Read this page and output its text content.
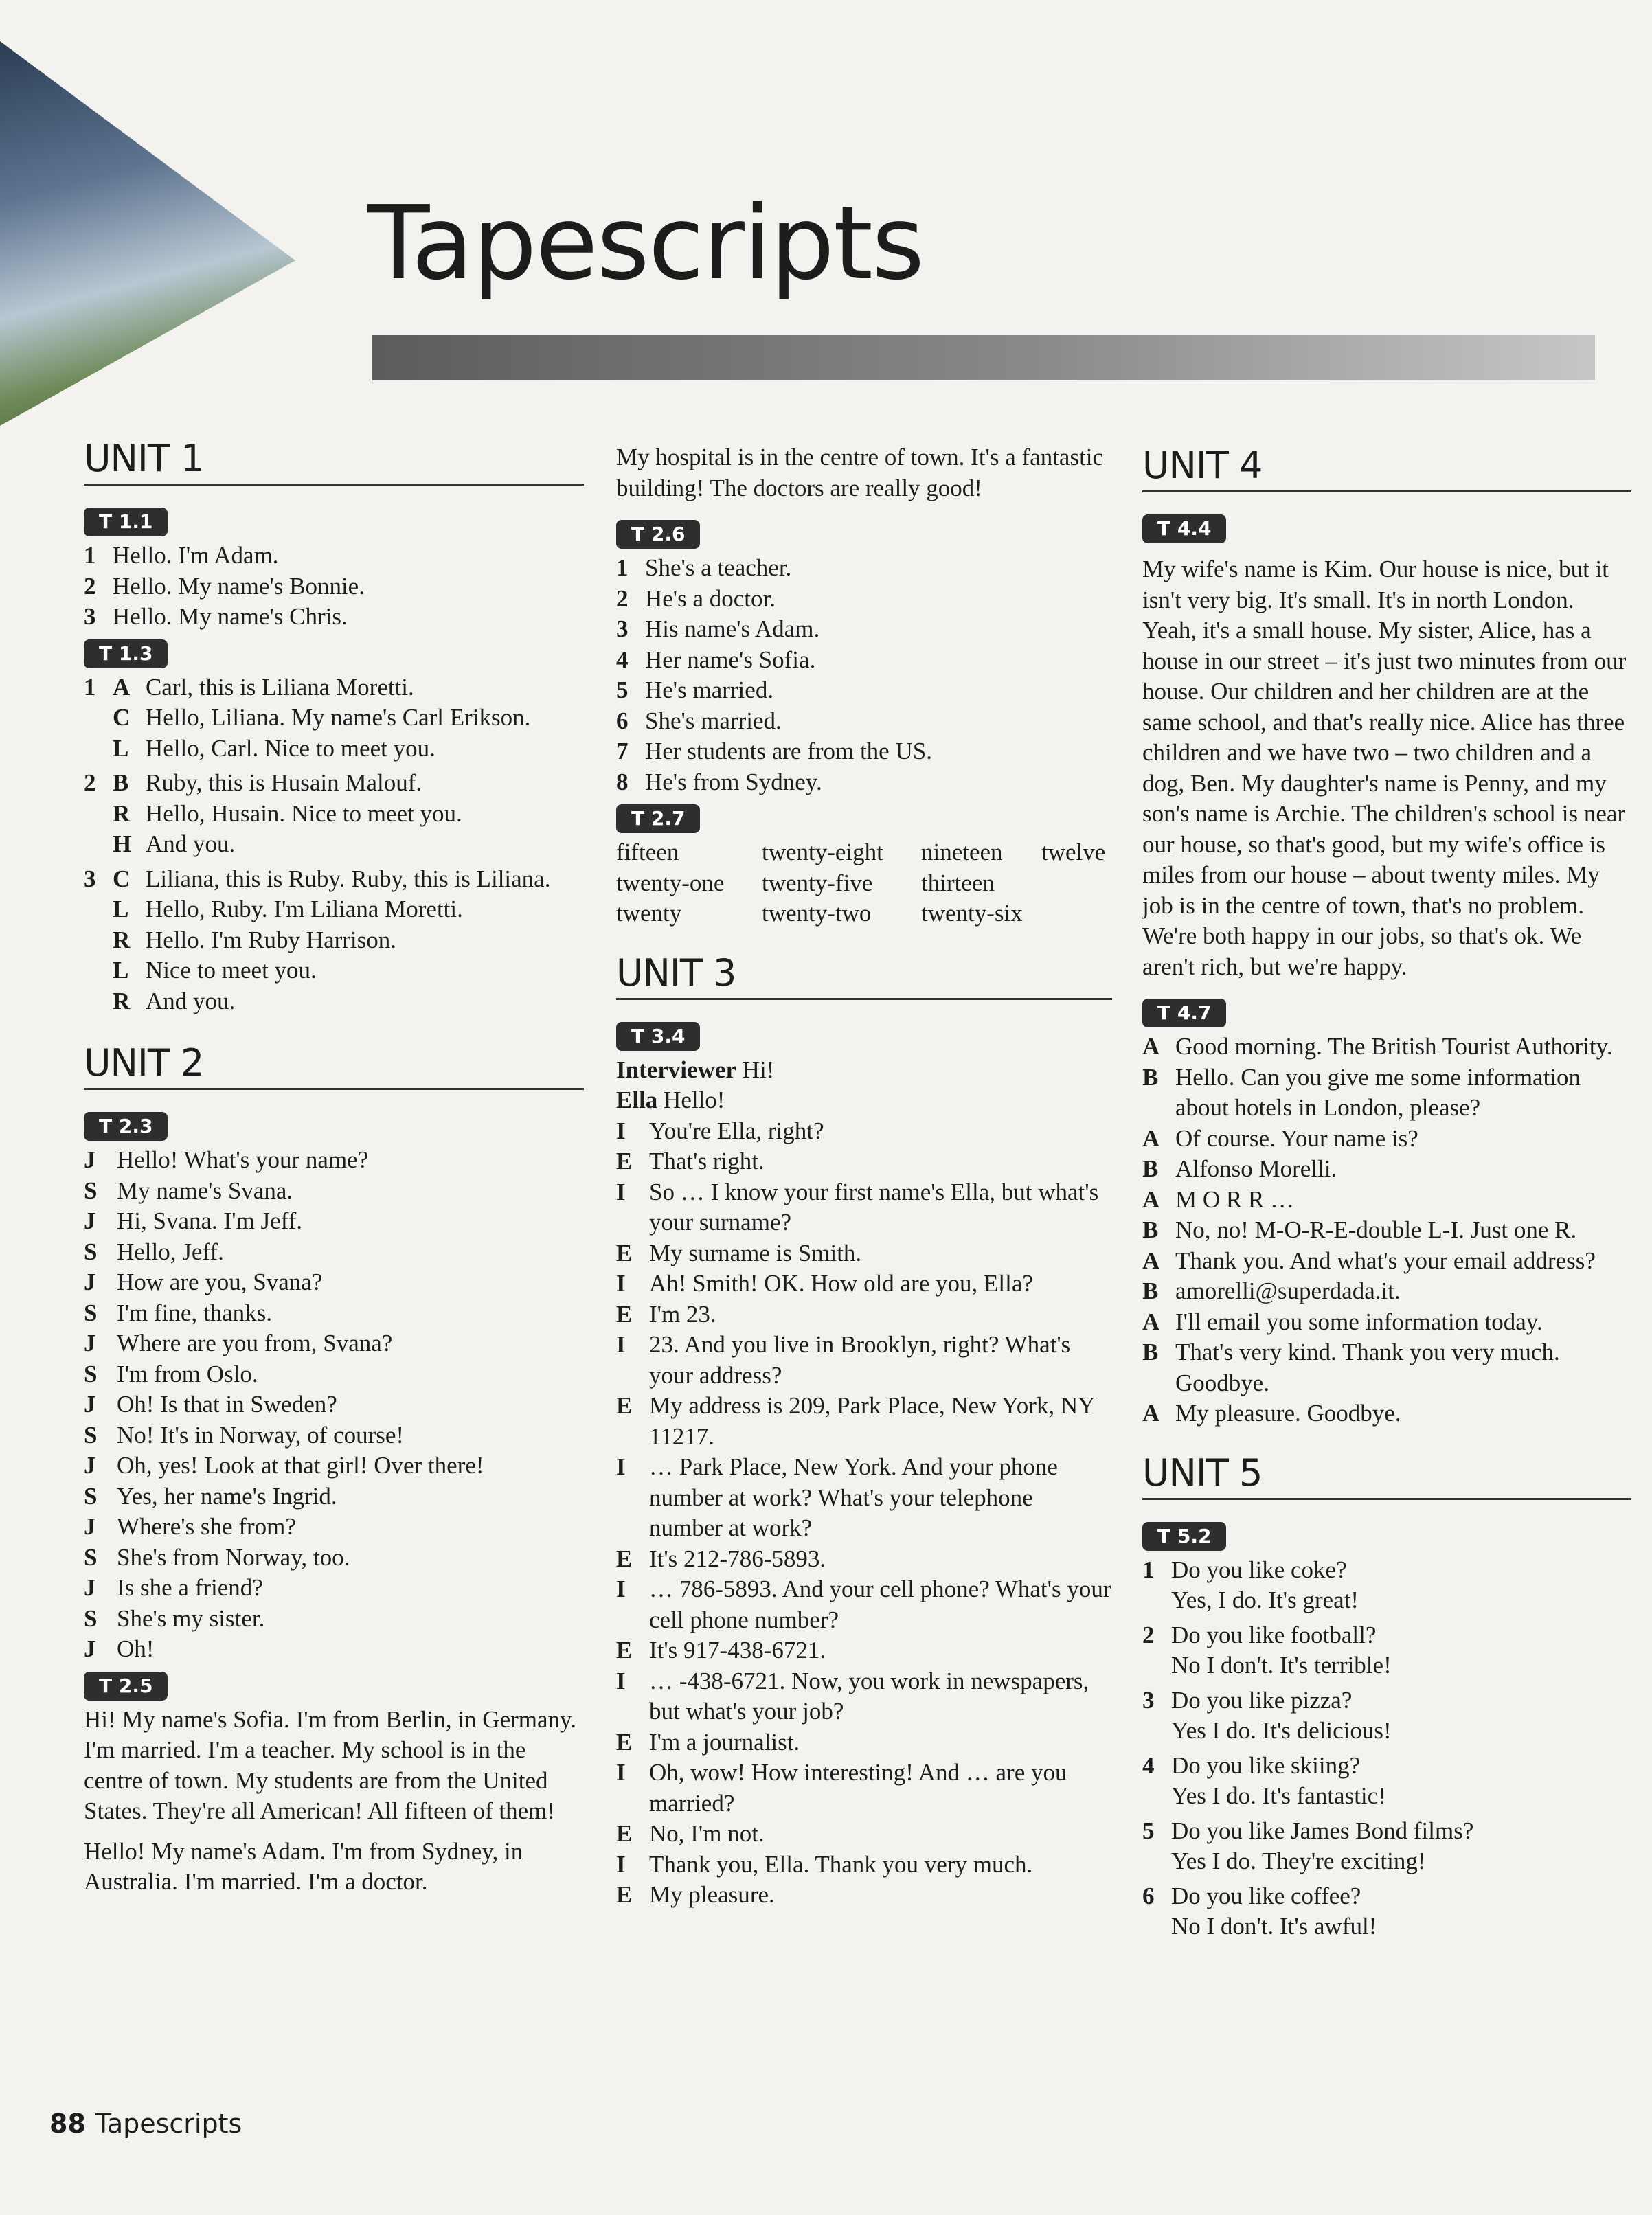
Tapescripts
UNIT 1
T 1.1
1 Hello. I'm Adam.
2 Hello. My name's Bonnie.
3 Hello. My name's Chris.
T 1.3
1 A Carl, this is Liliana Moretti.
C Hello, Liliana. My name's Carl Erikson.
L Hello, Carl. Nice to meet you.
2 B Ruby, this is Husain Malouf.
R Hello, Husain. Nice to meet you.
H And you.
3 C Liliana, this is Ruby. Ruby, this is Liliana.
L Hello, Ruby. I'm Liliana Moretti.
R Hello. I'm Ruby Harrison.
L Nice to meet you.
R And you.
UNIT 2
T 2.3
J Hello! What's your name?
S My name's Svana.
J Hi, Svana. I'm Jeff.
S Hello, Jeff.
J How are you, Svana?
S I'm fine, thanks.
J Where are you from, Svana?
S I'm from Oslo.
J Oh! Is that in Sweden?
S No! It's in Norway, of course!
J Oh, yes! Look at that girl! Over there!
S Yes, her name's Ingrid.
J Where's she from?
S She's from Norway, too.
J Is she a friend?
S She's my sister.
J Oh!
T 2.5
Hi! My name's Sofia. I'm from Berlin, in Germany. I'm married. I'm a teacher. My school is in the centre of town. My students are from the United States. They're all American! All fifteen of them!
Hello! My name's Adam. I'm from Sydney, in Australia. I'm married. I'm a doctor.
My hospital is in the centre of town. It's a fantastic building! The doctors are really good!
T 2.6
1 She's a teacher.
2 He's a doctor.
3 His name's Adam.
4 Her name's Sofia.
5 He's married.
6 She's married.
7 Her students are from the US.
8 He's from Sydney.
T 2.7
fifteen	twenty-eight	nineteen	twelve
twenty-one	twenty-five	thirteen
twenty	twenty-two	twenty-six
UNIT 3
T 3.4
Interviewer Hi!
Ella Hello!
I You're Ella, right?
E That's right.
I So … I know your first name's Ella, but what's your surname?
E My surname is Smith.
I Ah! Smith! OK. How old are you, Ella?
E I'm 23.
I 23. And you live in Brooklyn, right? What's your address?
E My address is 209, Park Place, New York, NY 11217.
I … Park Place, New York. And your phone number at work? What's your telephone number at work?
E It's 212-786-5893.
I … 786-5893. And your cell phone? What's your cell phone number?
E It's 917-438-6721.
I … -438-6721. Now, you work in newspapers, but what's your job?
E I'm a journalist.
I Oh, wow! How interesting! And … are you married?
E No, I'm not.
I Thank you, Ella. Thank you very much.
E My pleasure.
UNIT 4
T 4.4
My wife's name is Kim. Our house is nice, but it isn't very big. It's small. It's in north London. Yeah, it's a small house. My sister, Alice, has a house in our street – it's just two minutes from our house. Our children and her children are at the same school, and that's really nice. Alice has three children and we have two – two children and a dog, Ben. My daughter's name is Penny, and my son's name is Archie. The children's school is near our house, so that's good, but my wife's office is miles from our house – about twenty miles. My job is in the centre of town, that's no problem. We're both happy in our jobs, so that's ok. We aren't rich, but we're happy.
T 4.7
A Good morning. The British Tourist Authority.
B Hello. Can you give me some information about hotels in London, please?
A Of course. Your name is?
B Alfonso Morelli.
A M O R R …
B No, no! M-O-R-E-double L-I. Just one R.
A Thank you. And what's your email address?
B amorelli@superdada.it.
A I'll email you some information today.
B That's very kind. Thank you very much. Goodbye.
A My pleasure. Goodbye.
UNIT 5
T 5.2
1 Do you like coke?
Yes, I do. It's great!
2 Do you like football?
No I don't. It's terrible!
3 Do you like pizza?
Yes I do. It's delicious!
4 Do you like skiing?
Yes I do. It's fantastic!
5 Do you like James Bond films?
Yes I do. They're exciting!
6 Do you like coffee?
No I don't. It's awful!
88 Tapescripts
